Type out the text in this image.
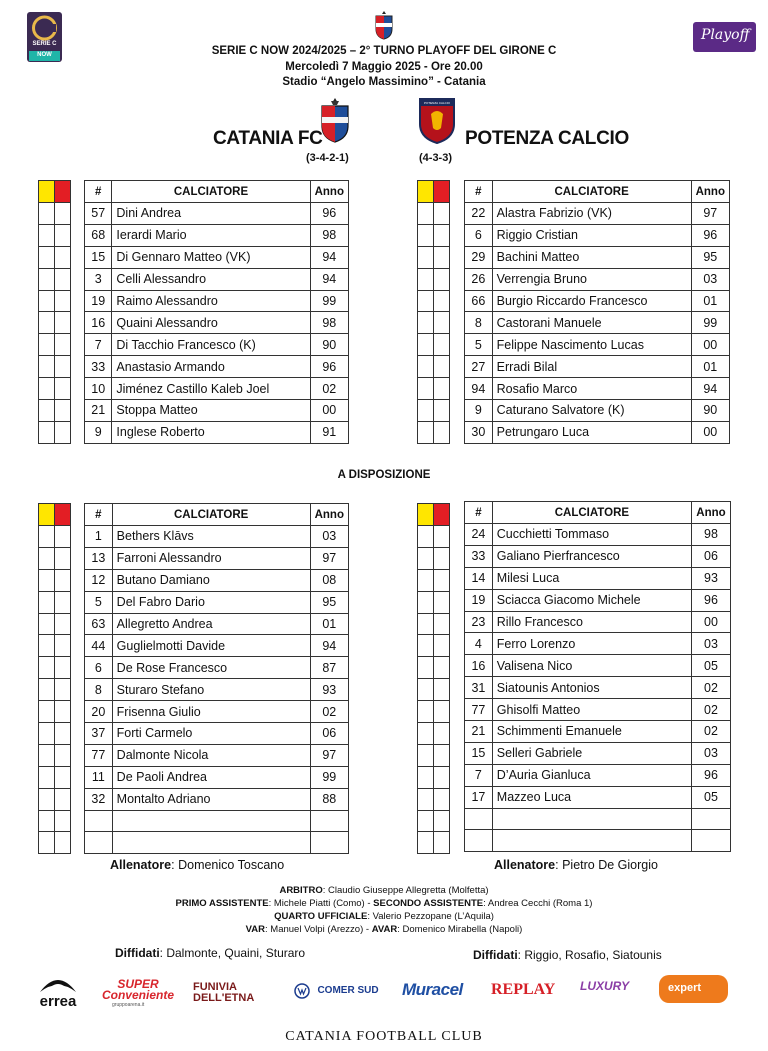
SERIE C
NOW
Playoff
SERIE C NOW 2024/2025 – 2° TURNO PLAYOFF DEL GIRONE C
Mercoledì 7 Maggio 2025 - Ore 20.00
Stadio “Angelo Massimino” - Catania
CATANIA FC
(3-4-2-1)
POTENZA CALCIO
(4-3-3)
POTENZA CALCIO

#	CALCIATORE	Anno
57	Dini Andrea	96
68	Ierardi Mario	98
15	Di Gennaro Matteo (VK)	94
3	Celli Alessandro	94
19	Raimo Alessandro	99
16	Quaini Alessandro	98
7	Di Tacchio Francesco (K)	90
33	Anastasio Armando	96
10	Jiménez Castillo Kaleb Joel	02
21	Stoppa Matteo	00
9	Inglese Roberto	91
#	CALCIATORE	Anno
22	Alastra Fabrizio (VK)	97
6	Riggio Cristian	96
29	Bachini Matteo	95
26	Verrengia Bruno	03
66	Burgio Riccardo Francesco	01
8	Castorani Manuele	99
5	Felippe Nascimento Lucas	00
27	Erradi Bilal	01
94	Rosafio Marco	94
9	Caturano Salvatore (K)	90
30	Petrungaro Luca	00
A DISPOSIZIONE
#	CALCIATORE	Anno
1	Bethers Klāvs	03
13	Farroni Alessandro	97
12	Butano Damiano	08
5	Del Fabro Dario	95
63	Allegretto Andrea	01
44	Guglielmotti Davide	94
6	De Rose Francesco	87
8	Sturaro Stefano	93
20	Frisenna Giulio	02
37	Forti Carmelo	06
77	Dalmonte Nicola	97
11	De Paoli Andrea	99
32	Montalto Adriano	88

#	CALCIATORE	Anno
24	Cucchietti Tommaso	98
33	Galiano Pierfrancesco	06
14	Milesi Luca	93
19	Sciacca Giacomo Michele	96
23	Rillo Francesco	00
4	Ferro Lorenzo	03
16	Valisena Nico	05
31	Siatounis Antonios	02
77	Ghisolfi Matteo	02
21	Schimmenti Emanuele	02
15	Selleri Gabriele	03
7	D’Auria Gianluca	96
17	Mazzeo Luca	05

Allenatore: Domenico Toscano	Allenatore: Pietro De Giorgio
ARBITRO: Claudio Giuseppe Allegretta (Molfetta)
PRIMO ASSISTENTE: Michele Piatti (Como) - SECONDO ASSISTENTE: Andrea Cecchi (Roma 1)
QUARTO UFFICIALE: Valerio Pezzopane (L’Aquila)
VAR: Manuel Volpi (Arezzo) - AVAR: Domenico Mirabella (Napoli)
Diffidati: Dalmonte, Quaini, Sturaro	Diffidati: Riggio, Rosafio, Siatounis
errea
SUPER Conveniente
gruppoarena.it
FUNIVIA DELL'ETNA
COMER SUD Muracel REPLAY LUXURY	expert
CATANIA FOOTBALL CLUB
